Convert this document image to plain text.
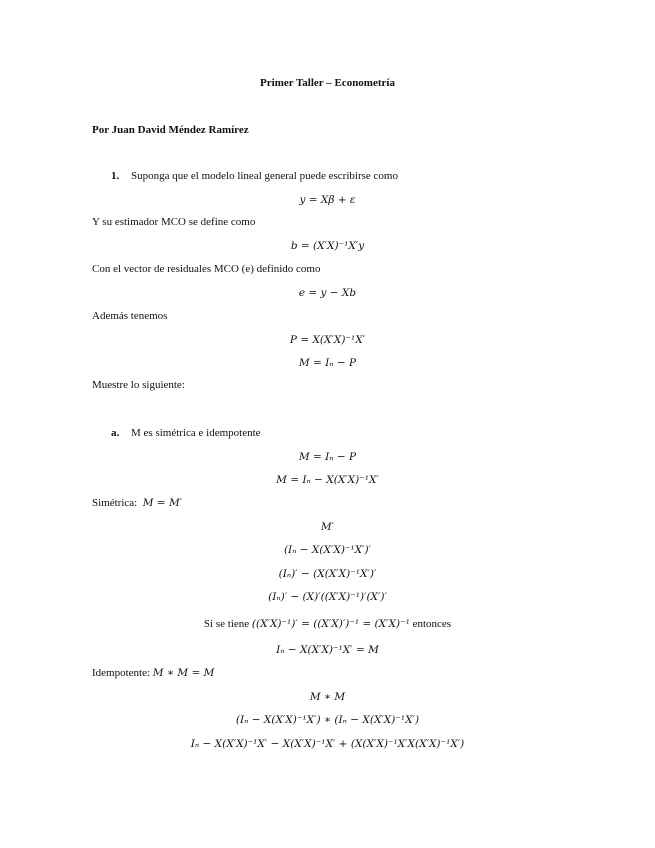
Primer Taller – Econometría
Por Juan David Méndez Ramírez
1. Suponga que el modelo lineal general puede escribirse como
y = Xβ + ε
Y su estimador MCO se define como
b = (X′X)⁻¹X′y
Con el vector de residuales MCO (e) definido como
e = y − Xb
Además tenemos
P = X(X′X)⁻¹X′
M = Iₙ − P
Muestre lo siguiente:
a. M es simétrica e idempotente
M = Iₙ − P
M = Iₙ − X(X′X)⁻¹X′
Simétrica: M = M′
M′
(Iₙ − X(X′X)⁻¹X′)′
(Iₙ)′ − (X(X′X)⁻¹X′)′
(Iₙ)′ − (X)′((X′X)⁻¹)′(X′)′
Si se tiene ((X′X)⁻¹)′ = ((X′X)′)⁻¹ = (X′X)⁻¹ entonces
Iₙ − X(X′X)⁻¹X′ = M
Idempotente: M ∗ M = M
M ∗ M
(Iₙ − X(X′X)⁻¹X′) ∗ (Iₙ − X(X′X)⁻¹X′)
Iₙ − X(X′X)⁻¹X′ − X(X′X)⁻¹X′ + (X(X′X)⁻¹X′X(X′X)⁻¹X′)
